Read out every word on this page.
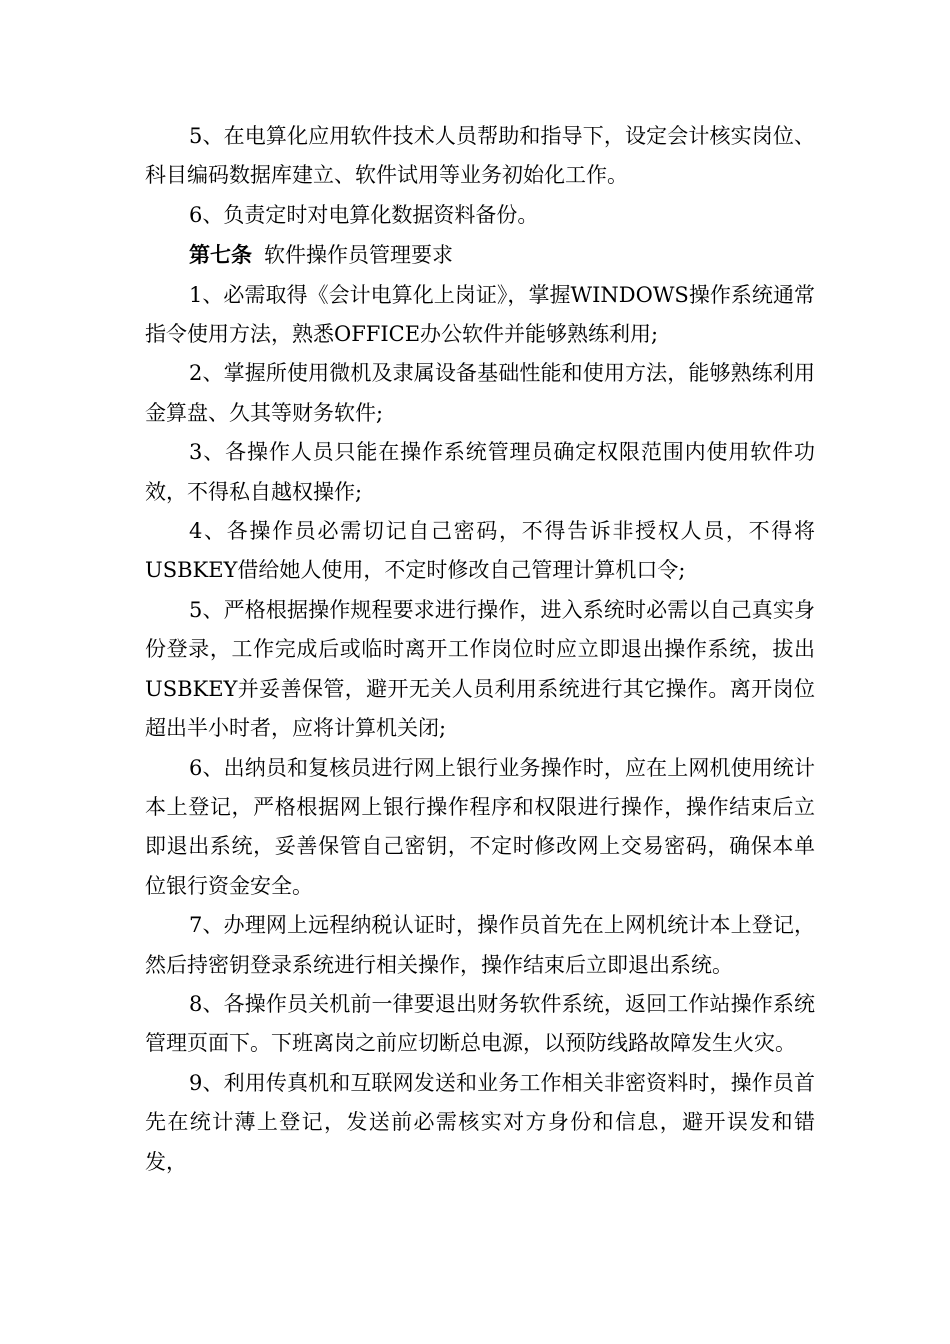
5、在电算化应用软件技术人员帮助和指导下，设定会计核实岗位、科目编码数据库建立、软件试用等业务初始化工作。

6、负责定时对电算化数据资料备份。

第七条 软件操作员管理要求

1、必需取得《会计电算化上岗证》，掌握WINDOWS操作系统通常指令使用方法，熟悉OFFICE办公软件并能够熟练利用;

2、掌握所使用微机及隶属设备基础性能和使用方法，能够熟练利用金算盘、久其等财务软件;

3、各操作人员只能在操作系统管理员确定权限范围内使用软件功效，不得私自越权操作;

4、各操作员必需切记自己密码，不得告诉非授权人员，不得将USBKEY借给她人使用，不定时修改自己管理计算机口令;

5、严格根据操作规程要求进行操作，进入系统时必需以自己真实身份登录，工作完成后或临时离开工作岗位时应立即退出操作系统，拔出USBKEY并妥善保管，避开无关人员利用系统进行其它操作。离开岗位超出半小时者，应将计算机关闭;

6、出纳员和复核员进行网上银行业务操作时，应在上网机使用统计本上登记，严格根据网上银行操作程序和权限进行操作，操作结束后立即退出系统，妥善保管自己密钥，不定时修改网上交易密码，确保本单位银行资金安全。

7、办理网上远程纳税认证时，操作员首先在上网机统计本上登记，然后持密钥登录系统进行相关操作，操作结束后立即退出系统。

8、各操作员关机前一律要退出财务软件系统，返回工作站操作系统管理页面下。下班离岗之前应切断总电源，以预防线路故障发生火灾。

9、利用传真机和互联网发送和业务工作相关非密资料时，操作员首先在统计薄上登记，发送前必需核实对方身份和信息，避开误发和错发，
